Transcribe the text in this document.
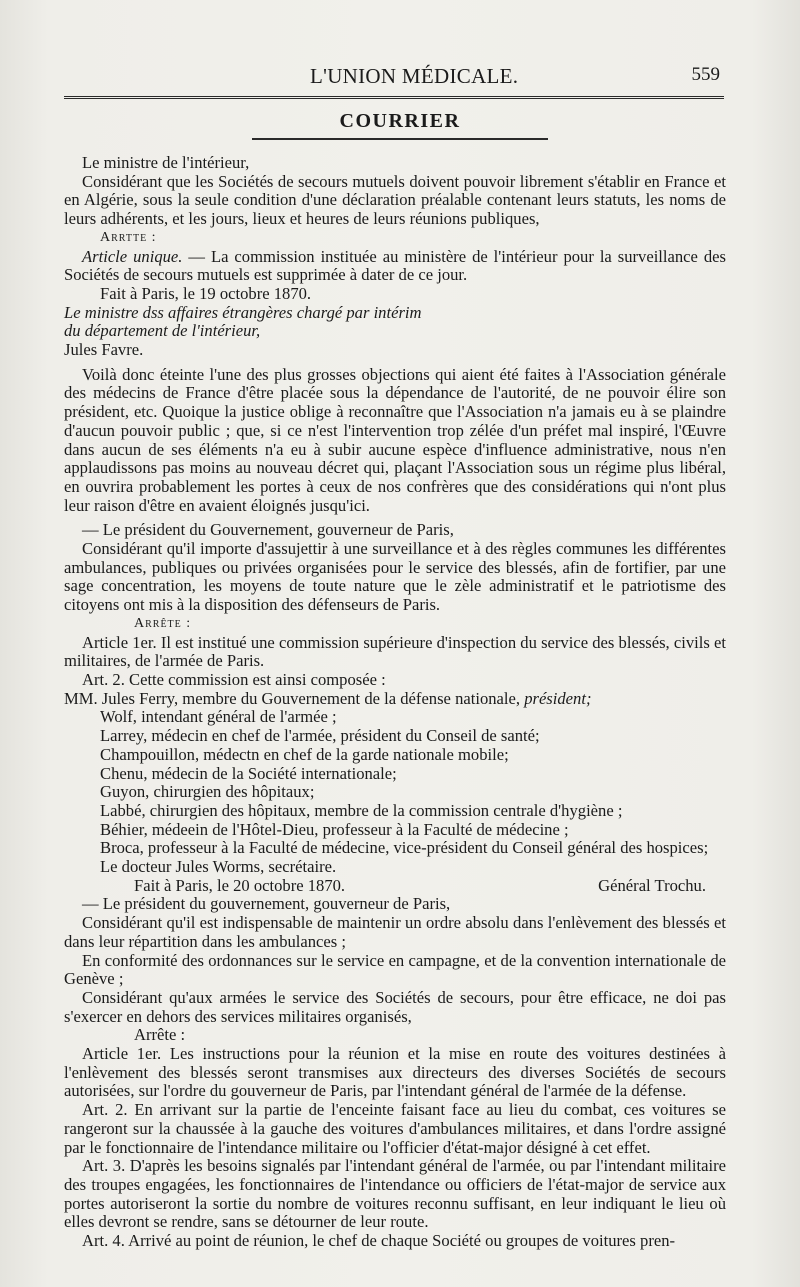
L'UNION MÉDICALE.	559
COURRIER

Le ministre de l'intérieur,

Considérant que les Sociétés de secours mutuels doivent pouvoir librement s'établir en France et en Algérie, sous la seule condition d'une déclaration préalable contenant leurs statuts, les noms de leurs adhérents, et les jours, lieux et heures de leurs réunions publiques,

Arrtte :

Article unique. — La commission instituée au ministère de l'intérieur pour la surveillance des Sociétés de secours mutuels est supprimée à dater de ce jour.

Fait à Paris, le 19 octobre 1870.

Le ministre dss affaires étrangères chargé par intérim

du département de l'intérieur,

Jules Favre.

Voilà donc éteinte l'une des plus grosses objections qui aient été faites à l'Association générale des médecins de France d'être placée sous la dépendance de l'autorité, de ne pouvoir élire son président, etc. Quoique la justice oblige à reconnaître que l'Association n'a jamais eu à se plaindre d'aucun pouvoir public ; que, si ce n'est l'intervention trop zélée d'un préfet mal inspiré, l'Œuvre dans aucun de ses éléments n'a eu à subir aucune espèce d'influence administrative, nous n'en applaudissons pas moins au nouveau décret qui, plaçant l'Association sous un régime plus libéral, en ouvrira probablement les portes à ceux de nos confrères que des considérations qui n'ont plus leur raison d'être en avaient éloignés jusqu'ici.

— Le président du Gouvernement, gouverneur de Paris,

Considérant qu'il importe d'assujettir à une surveillance et à des règles communes les différentes ambulances, publiques ou privées organisées pour le service des blessés, afin de fortifier, par une sage concentration, les moyens de toute nature que le zèle administratif et le patriotisme des citoyens ont mis à la disposition des défenseurs de Paris.

Arrête :

Article 1er. Il est institué une commission supérieure d'inspection du service des blessés, civils et militaires, de l'armée de Paris.

Art. 2. Cette commission est ainsi composée :

MM. Jules Ferry, membre du Gouvernement de la défense nationale, président;

Wolf, intendant général de l'armée ;

Larrey, médecin en chef de l'armée, président du Conseil de santé;

Champouillon, médectn en chef de la garde nationale mobile;

Chenu, médecin de la Société internationale;

Guyon, chirurgien des hôpitaux;

Labbé, chirurgien des hôpitaux, membre de la commission centrale d'hygiène ;

Béhier, médeein de l'Hôtel-Dieu, professeur à la Faculté de médecine ;

Broca, professeur à la Faculté de médecine, vice-président du Conseil général des hospices;

Le docteur Jules Worms, secrétaire.

Fait à Paris, le 20 octobre 1870.	Général Trochu.

— Le président du gouvernement, gouverneur de Paris,

Considérant qu'il est indispensable de maintenir un ordre absolu dans l'enlèvement des blessés et dans leur répartition dans les ambulances ;

En conformité des ordonnances sur le service en campagne, et de la convention internationale de Genève ;

Considérant qu'aux armées le service des Sociétés de secours, pour être efficace, ne doi pas s'exercer en dehors des services militaires organisés,

Arrête :

Article 1er. Les instructions pour la réunion et la mise en route des voitures destinées à l'enlèvement des blessés seront transmises aux directeurs des diverses Sociétés de secours autorisées, sur l'ordre du gouverneur de Paris, par l'intendant général de l'armée de la défense.

Art. 2. En arrivant sur la partie de l'enceinte faisant face au lieu du combat, ces voitures se rangeront sur la chaussée à la gauche des voitures d'ambulances militaires, et dans l'ordre assigné par le fonctionnaire de l'intendance militaire ou l'officier d'état-major désigné à cet effet.

Art. 3. D'après les besoins signalés par l'intendant général de l'armée, ou par l'intendant militaire des troupes engagées, les fonctionnaires de l'intendance ou officiers de l'état-major de service aux portes autoriseront la sortie du nombre de voitures reconnu suffisant, en leur indiquant le lieu où elles devront se rendre, sans se détourner de leur route.

Art. 4. Arrivé au point de réunion, le chef de chaque Société ou groupes de voitures pren-
